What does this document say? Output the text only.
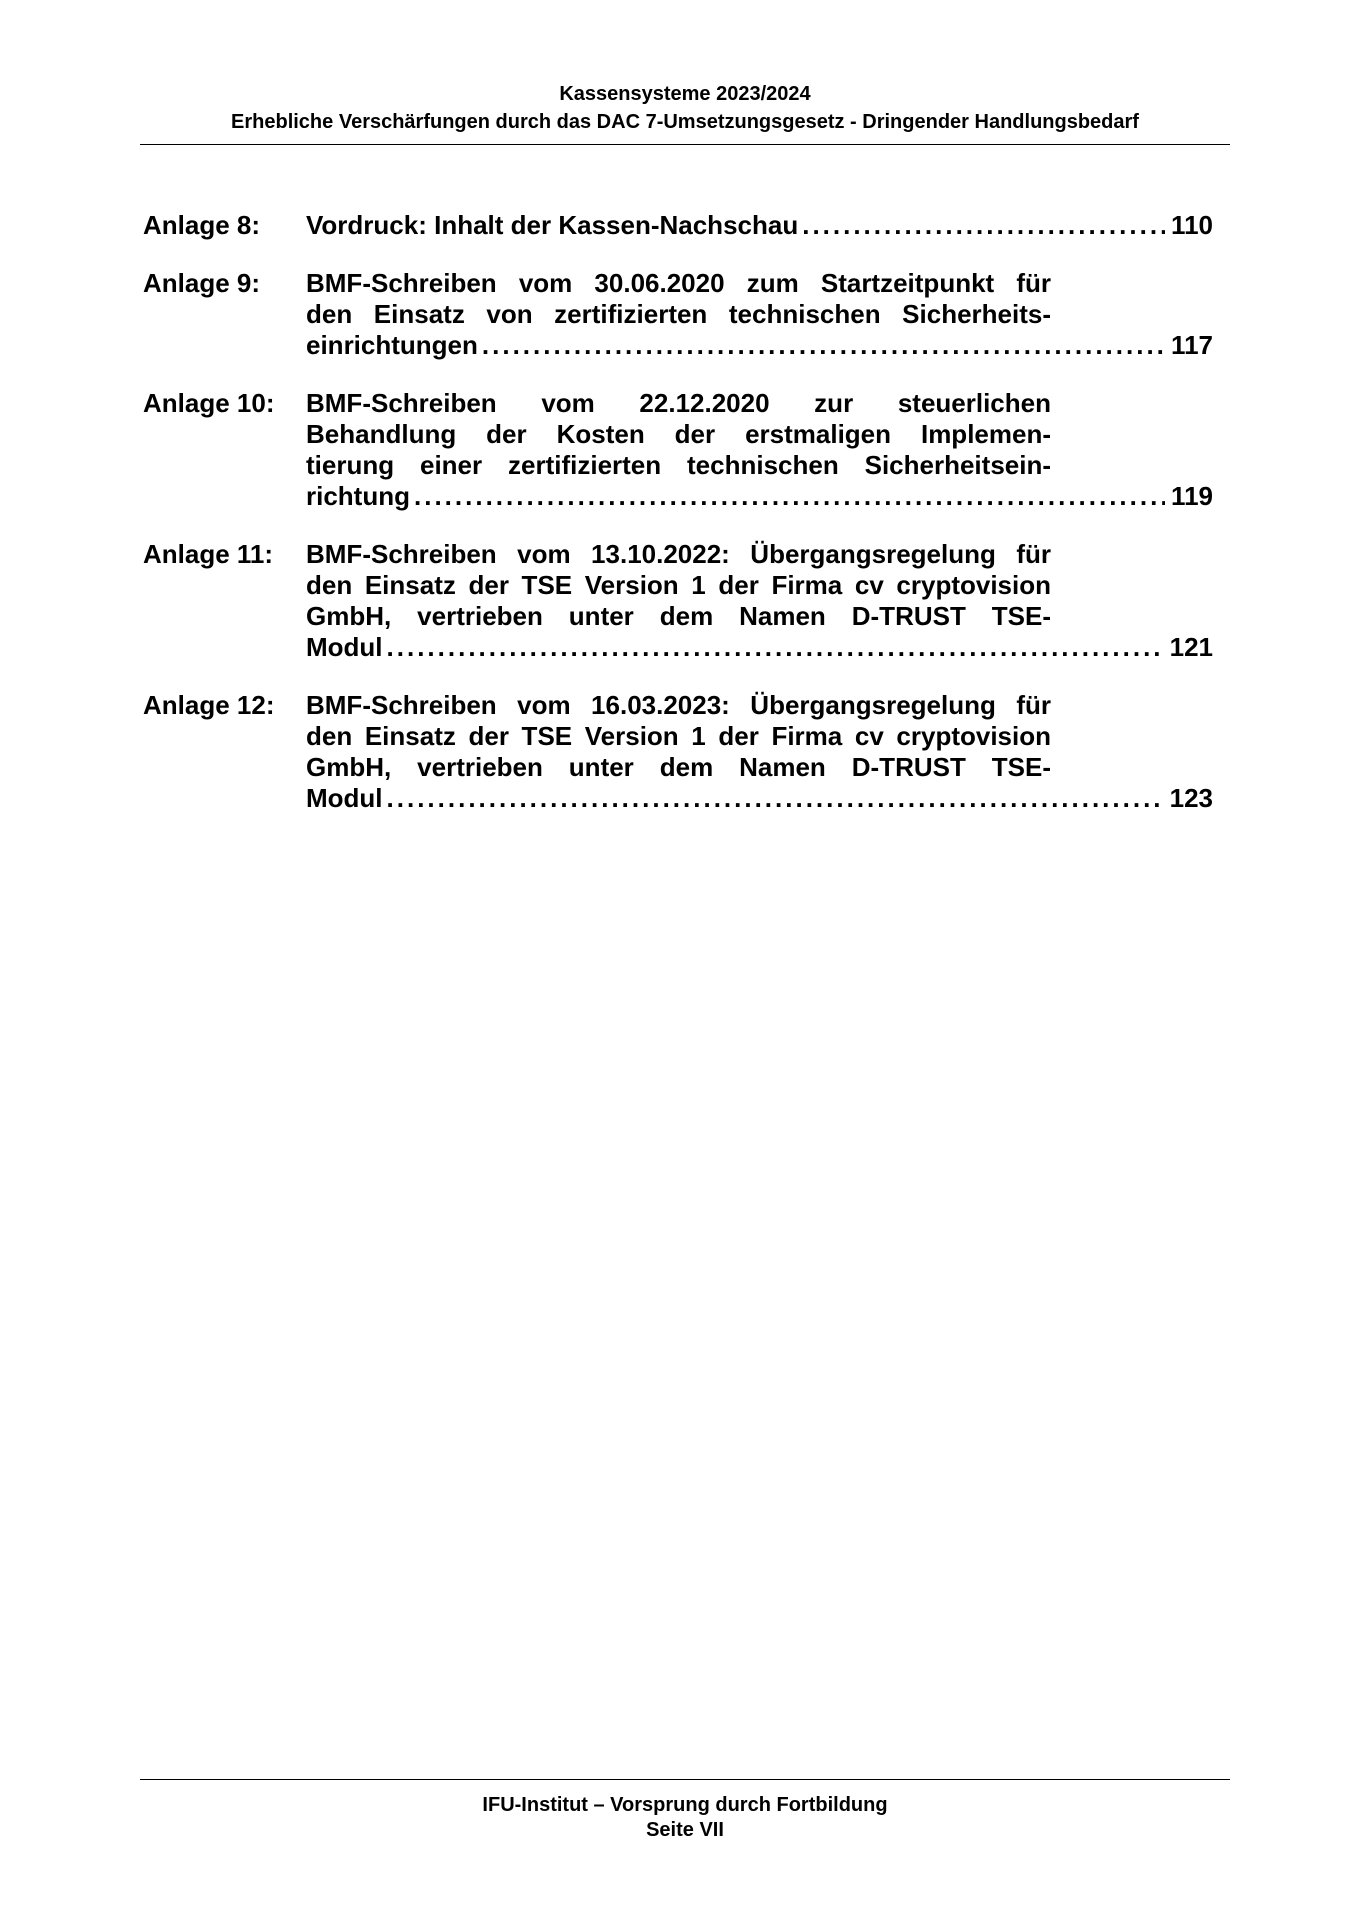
Kassensysteme 2023/2024
Erhebliche Verschärfungen durch das DAC 7-Umsetzungsgesetz - Dringender Handlungsbedarf
Anlage 8:	Vordruck: Inhalt der Kassen-Nachschau .....	110
Anlage 9:	BMF-Schreiben vom 30.06.2020 zum Startzeitpunkt für
den Einsatz von zertifizierten technischen Sicherheits-
einrichtungen .....	117
Anlage 10:	BMF-Schreiben vom 22.12.2020 zur steuerlichen
Behandlung der Kosten der erstmaligen Implemen-
tierung einer zertifizierten technischen Sicherheitsein-
richtung .....	119
Anlage 11:	BMF-Schreiben vom 13.10.2022: Übergangsregelung für
den Einsatz der TSE Version 1 der Firma cv cryptovision
GmbH, vertrieben unter dem Namen D-TRUST TSE-
Modul .....	121
Anlage 12:	BMF-Schreiben vom 16.03.2023: Übergangsregelung für
den Einsatz der TSE Version 1 der Firma cv cryptovision
GmbH, vertrieben unter dem Namen D-TRUST TSE-
Modul .....	123
IFU-Institut – Vorsprung durch Fortbildung
Seite VII
